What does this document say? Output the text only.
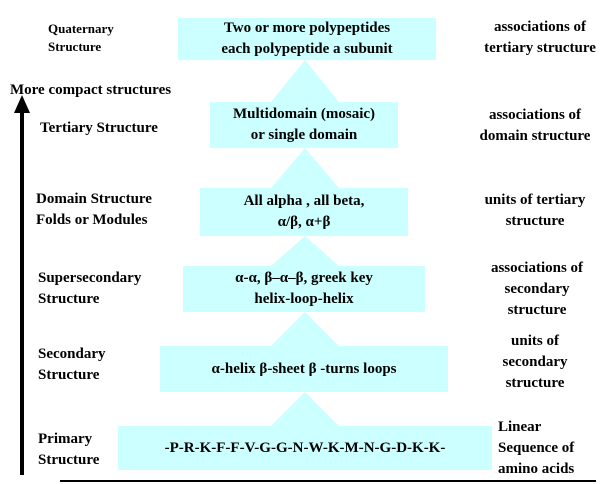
More compact structures
Quaternary
Structure
Two or more polypeptides
each polypeptide a subunit
associations of
tertiary structure
Tertiary Structure
Multidomain (mosaic)
or single domain
associations of
domain structure
Domain Structure
Folds or Modules
All alpha , all beta,
α/β, α+β
units of tertiary
structure
Supersecondary
Structure
α-α, β–α–β, greek key
helix-loop-helix
associations of
secondary
structure
Secondary
Structure	α-helix β-sheet β -turns loops
units of
secondary
structure
Primary
Structure
-P-R-K-F-F-V-G-G-N-W-K-M-N-G-D-K-K-
Linear
Sequence of
amino acids
